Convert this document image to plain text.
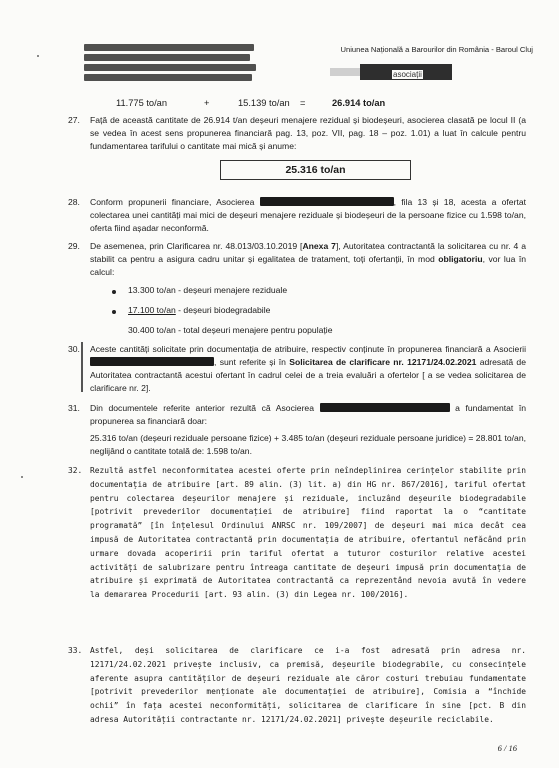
Uniunea Națională a Barourilor din România - Baroul Cluj
asociații
11.775 to/an	+	15.139 to/an =	26.914 to/an
27. Față de această cantitate de 26.914 t/an deșeuri menajere rezidual și biodeșeuri, asocierea clasată pe locul II (a se vedea în acest sens propunerea financiară pag. 13, poz. VII, pag. 18 – poz. 1.01) a luat în calcule pentru fundamentarea tarifului o cantitate mai mică și anume:
25.316 to/an
28. Conform propunerii financiare, Asocierea	, fila 13 și 18, acesta a ofertat colectarea unei cantități mai mici de deșeuri menajere reziduale și biodeșeuri de la persoane fizice cu 1.598 to/an, oferta fiind așadar neconformă.
29. De asemenea, prin Clarificarea nr. 48.013/03.10.2019 [Anexa 7], Autoritatea contractantă la solicitarea cu nr. 4 a stabilit ca pentru a asigura cadru unitar și egalitatea de tratament, toți ofertanții, în mod obligatoriu, vor lua în calcul:
13.300 to/an - deșeuri menajere reziduale
17.100 to/an - deșeuri biodegradabile
30.400 to/an - total deșeuri menajere pentru populație
30. Aceste cantități solicitate prin documentația de atribuire, respectiv conținute în propunerea financiară a Asocierii , sunt referite și în Solicitarea de clarificare nr. 12171/24.02.2021 adresată de Autoritatea contractantă acestui ofertant în cadrul celei de a treia evaluări a ofertelor [ a se vedea solicitarea de clarificare nr. 2].
31. Din documentele referite anterior rezultă că Asocierea	a fundamentat în propunerea sa financiară doar:
25.316 to/an (deșeuri reziduale persoane fizice) + 3.485 to/an (deșeuri reziduale persoane juridice) = 28.801 to/an, neglijând o cantitate totală de: 1.598 to/an.
32. Rezultă astfel neconformitatea acestei oferte prin neîndeplinirea cerințelor stabilite prin documentația de atribuire [art. 89 alin. (3) lit. a) din HG nr. 867/2016], tariful ofertat pentru colectarea deșeurilor menajere și reziduale, incluzând deșeurile biodegradabile [potrivit prevederilor documentației de atribuire] fiind raportat la o “cantitate programată” [în înțelesul Ordinului ANRSC nr. 109/2007] de deșeuri mai mica decât cea impusă de Autoritatea contractantă prin documentația de atribuire, ofertantul nefăcând prin urmare dovada acoperirii prin tariful ofertat a tuturor costurilor relative acestei activități de salubrizare pentru întreaga cantitate de deșeuri impusă prin documentația de atribuire și exprimată de Autoritatea contractantă ca reprezentând nevoia avută în vedere la demararea Procedurii [art. 93 alin. (3) din Legea nr. 100/2016].
33. Astfel, deși solicitarea de clarificare ce i-a fost adresată prin adresa nr. 12171/24.02.2021 privește inclusiv, ca premisă, deșeurile biodegrabile, cu consecințele aferente asupra cantităților de deșeuri reziduale ale căror costuri trebuiau fundamentate [potrivit prevederilor menționate ale documentației de atribuire], Comisia a “închide ochii” în fața acestei neconformități, solicitarea de clarificare în sine [pct. B din adresa Autorității contractante nr. 12171/24.02.2021] privește deșeurile reciclabile.
6 / 16
